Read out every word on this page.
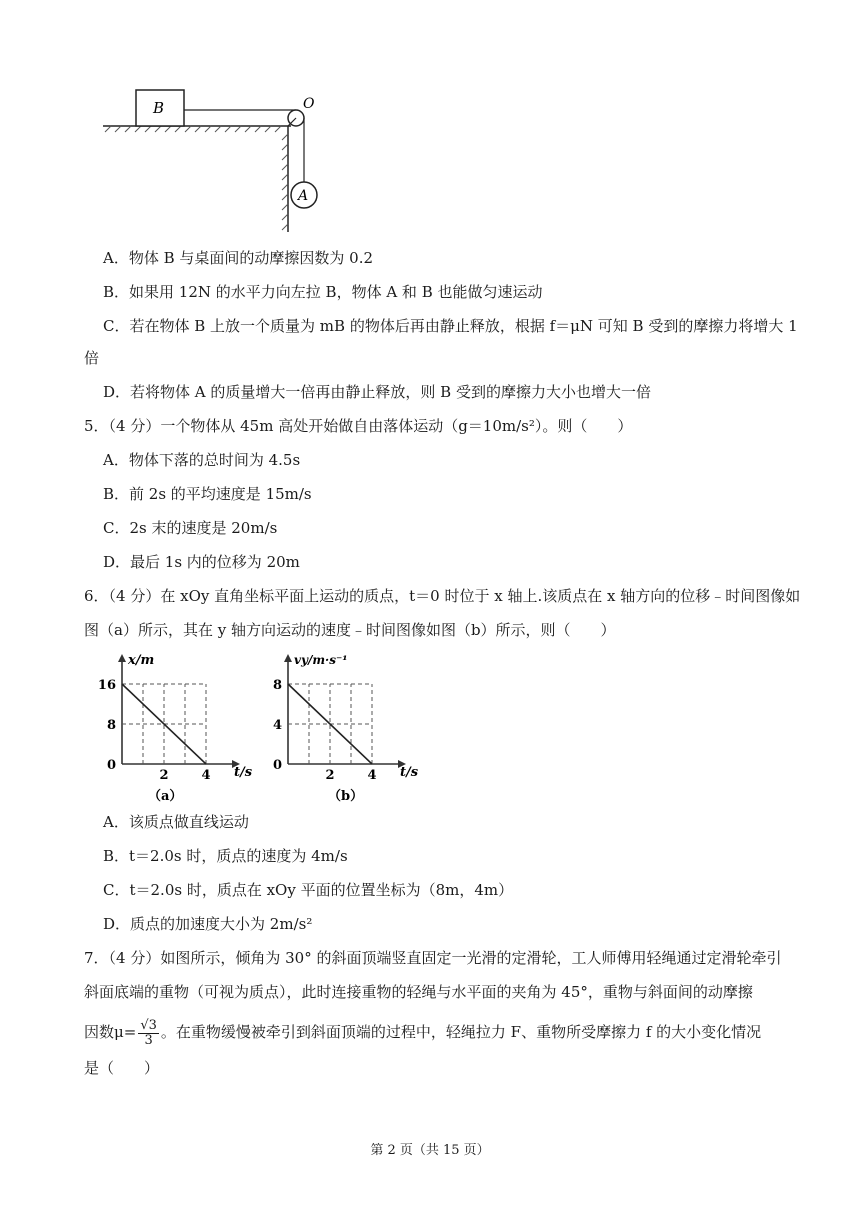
B	O
A
A．物体 B 与桌面间的动摩擦因数为 0.2
B．如果用 12N 的水平力向左拉 B，物体 A 和 B 也能做匀速运动
C．若在物体 B 上放一个质量为 mB 的物体后再由静止释放，根据 f＝μN 可知 B 受到的摩擦力将增大 1
倍
D．若将物体 A 的质量增大一倍再由静止释放，则 B 受到的摩擦力大小也增大一倍
5．（4 分）一个物体从 45m 高处开始做自由落体运动（g＝10m/s²）。则（　　）
A．物体下落的总时间为 4.5s
B．前 2s 的平均速度是 15m/s
C．2s 末的速度是 20m/s
D．最后 1s 内的位移为 20m
6．（4 分）在 xOy 直角坐标平面上运动的质点，t＝0 时位于 x 轴上.该质点在 x 轴方向的位移﹣时间图像如
图（a）所示，其在 y 轴方向运动的速度﹣时间图像如图（b）所示，则（　　）
16
8
0
2	4
x/m
t/s
（a）
8
4
0
2	4
vy/m·s⁻¹
t/s
（b）
A．该质点做直线运动
B．t＝2.0s 时，质点的速度为 4m/s
C．t＝2.0s 时，质点在 xOy 平面的位置坐标为（8m，4m）
D．质点的加速度大小为 2m/s²
7．（4 分）如图所示，倾角为 30° 的斜面顶端竖直固定一光滑的定滑轮，工人师傅用轻绳通过定滑轮牵引
斜面底端的重物（可视为质点），此时连接重物的轻绳与水平面的夹角为 45°，重物与斜面间的动摩擦
因数$\mu= \frac{√3}{3}$ 。在重物缓慢被牵引到斜面顶端的过程中，轻绳拉力 F、重物所受摩擦力 f 的大小变化情况
是（　　）
第 2 页（共 15 页）
